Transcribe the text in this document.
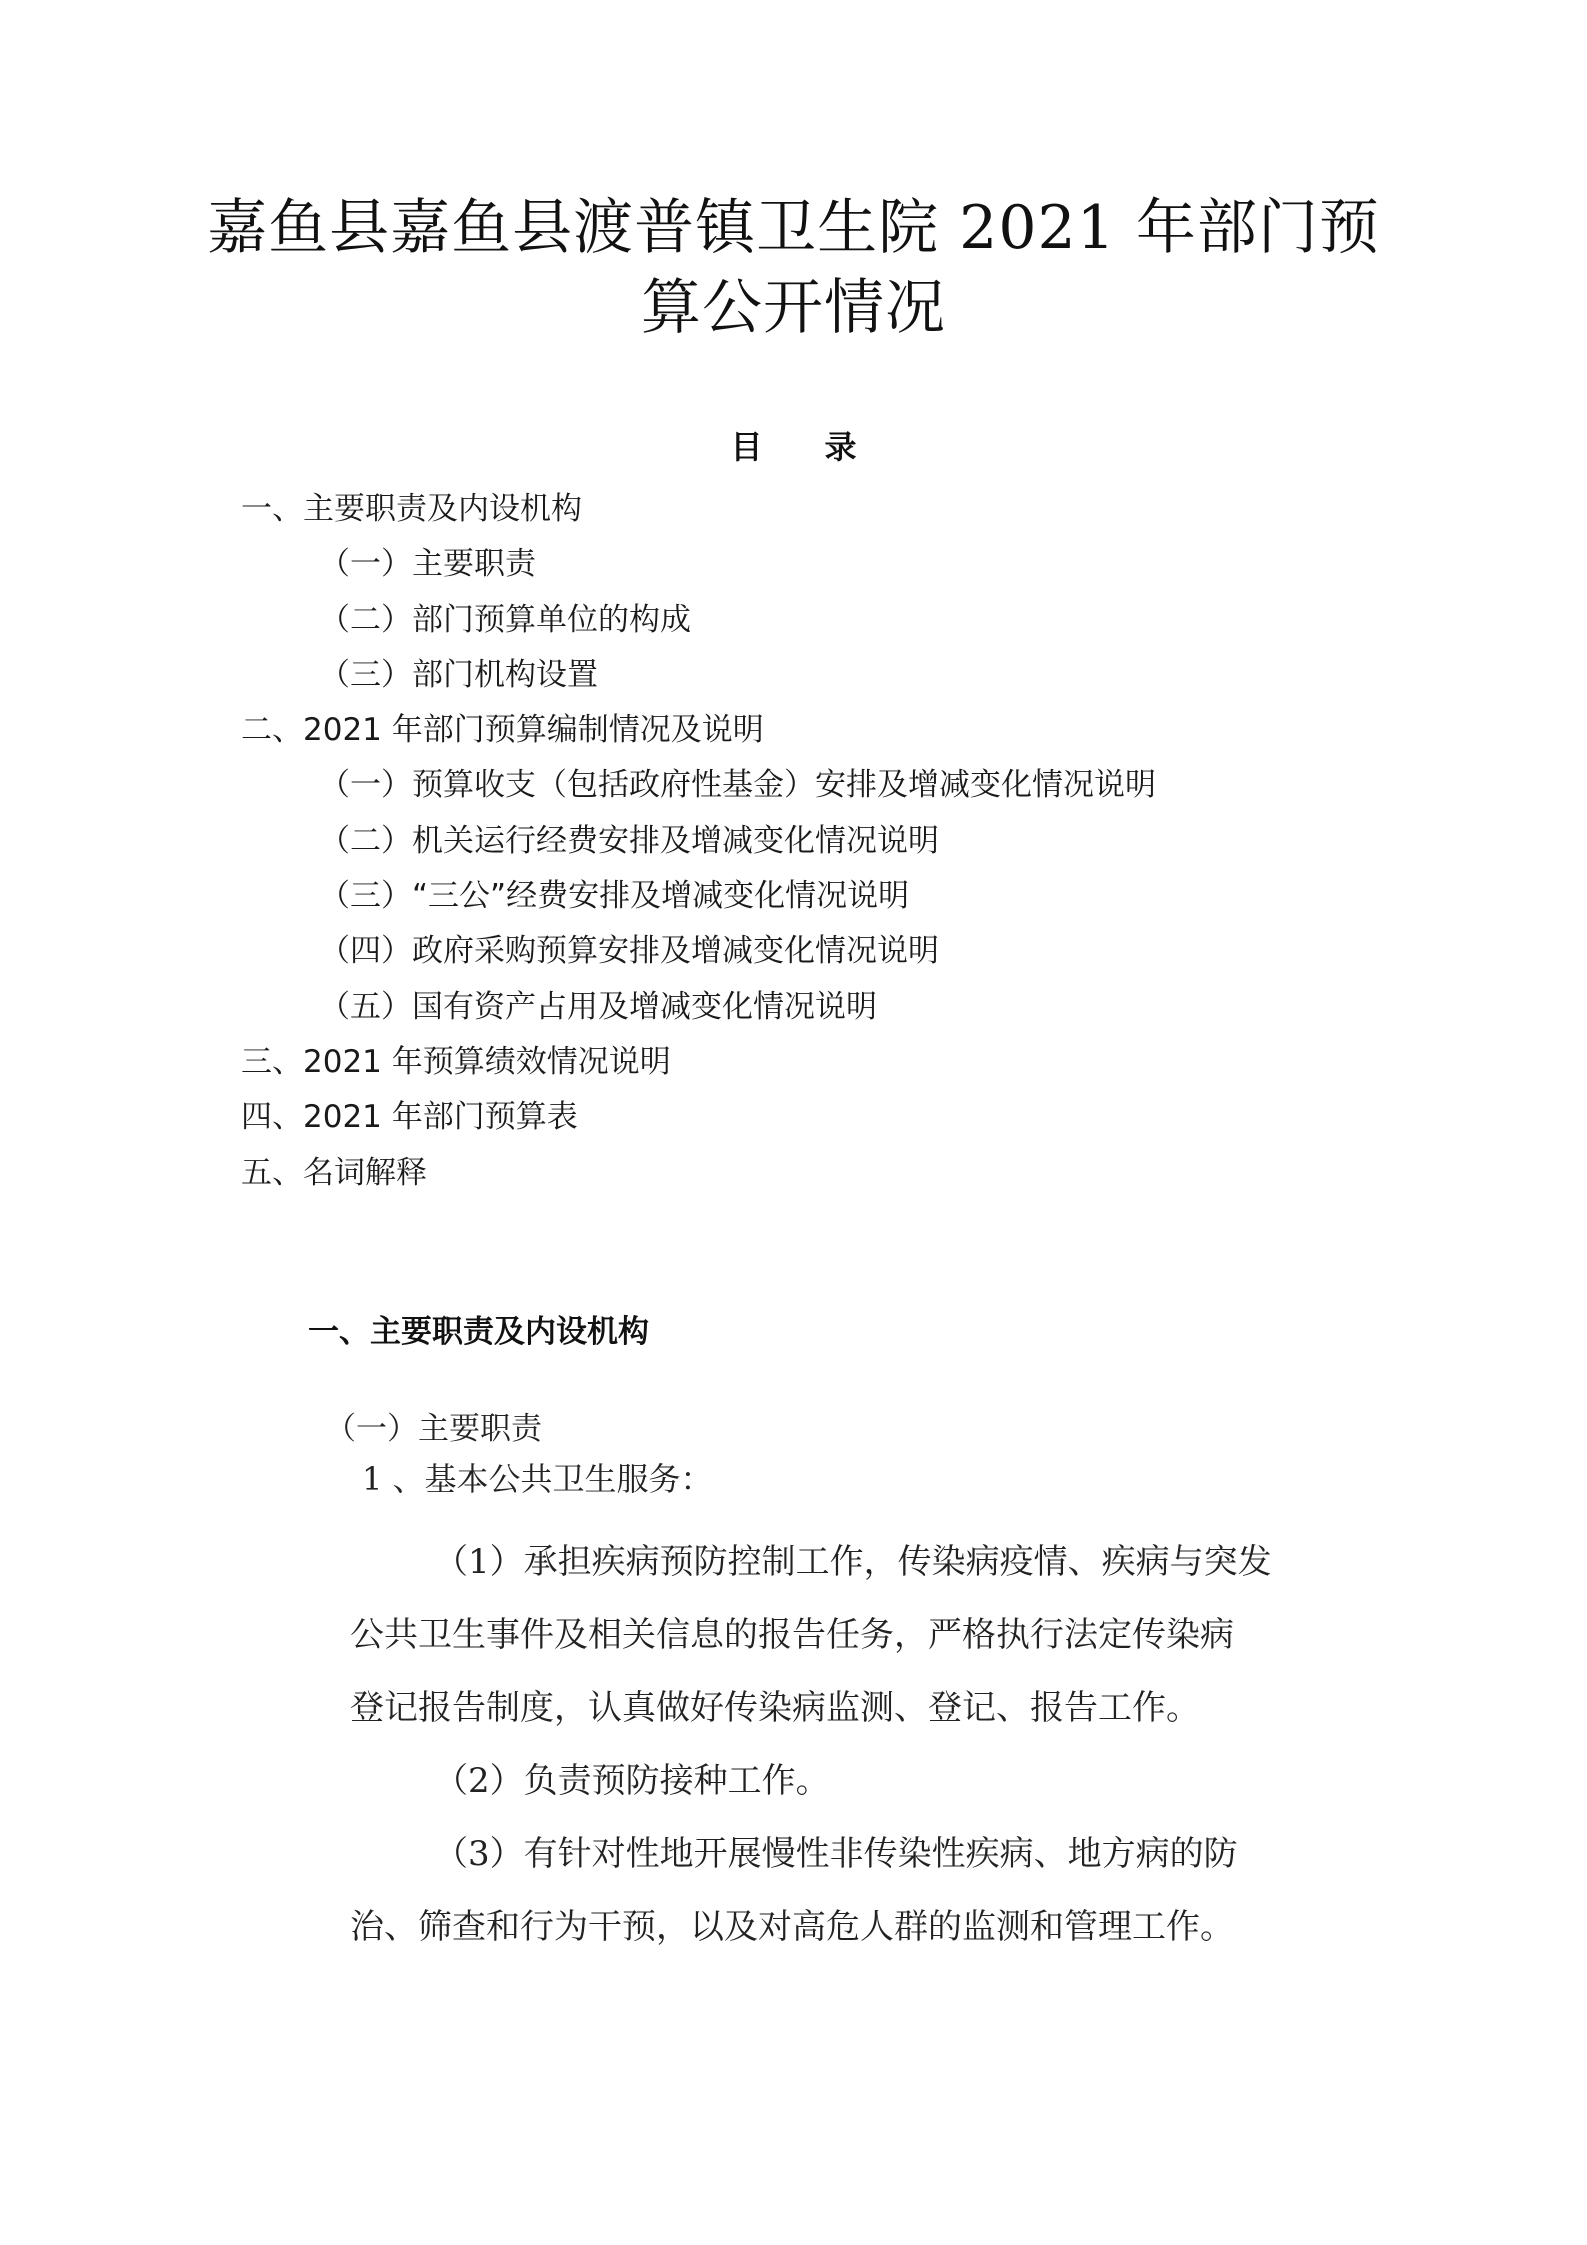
嘉鱼县嘉鱼县渡普镇卫生院 2021 年部门预
算公开情况
目 录
一、主要职责及内设机构
（一）主要职责
（二）部门预算单位的构成
（三）部门机构设置
二、2021 年部门预算编制情况及说明
（一）预算收支（包括政府性基金）安排及增减变化情况说明
（二）机关运行经费安排及增减变化情况说明
（三）“三公”经费安排及增减变化情况说明
（四）政府采购预算安排及增减变化情况说明
（五）国有资产占用及增减变化情况说明
三、2021 年预算绩效情况说明
四、2021 年部门预算表
五、名词解释
一、主要职责及内设机构
（一）主要职责
1 、基本公共卫生服务：
（1）承担疾病预防控制工作，传染病疫情、疾病与突发
公共卫生事件及相关信息的报告任务，严格执行法定传染病
登记报告制度，认真做好传染病监测、登记、报告工作。
（2）负责预防接种工作。
（3）有针对性地开展慢性非传染性疾病、地方病的防
治、筛查和行为干预，以及对高危人群的监测和管理工作。
